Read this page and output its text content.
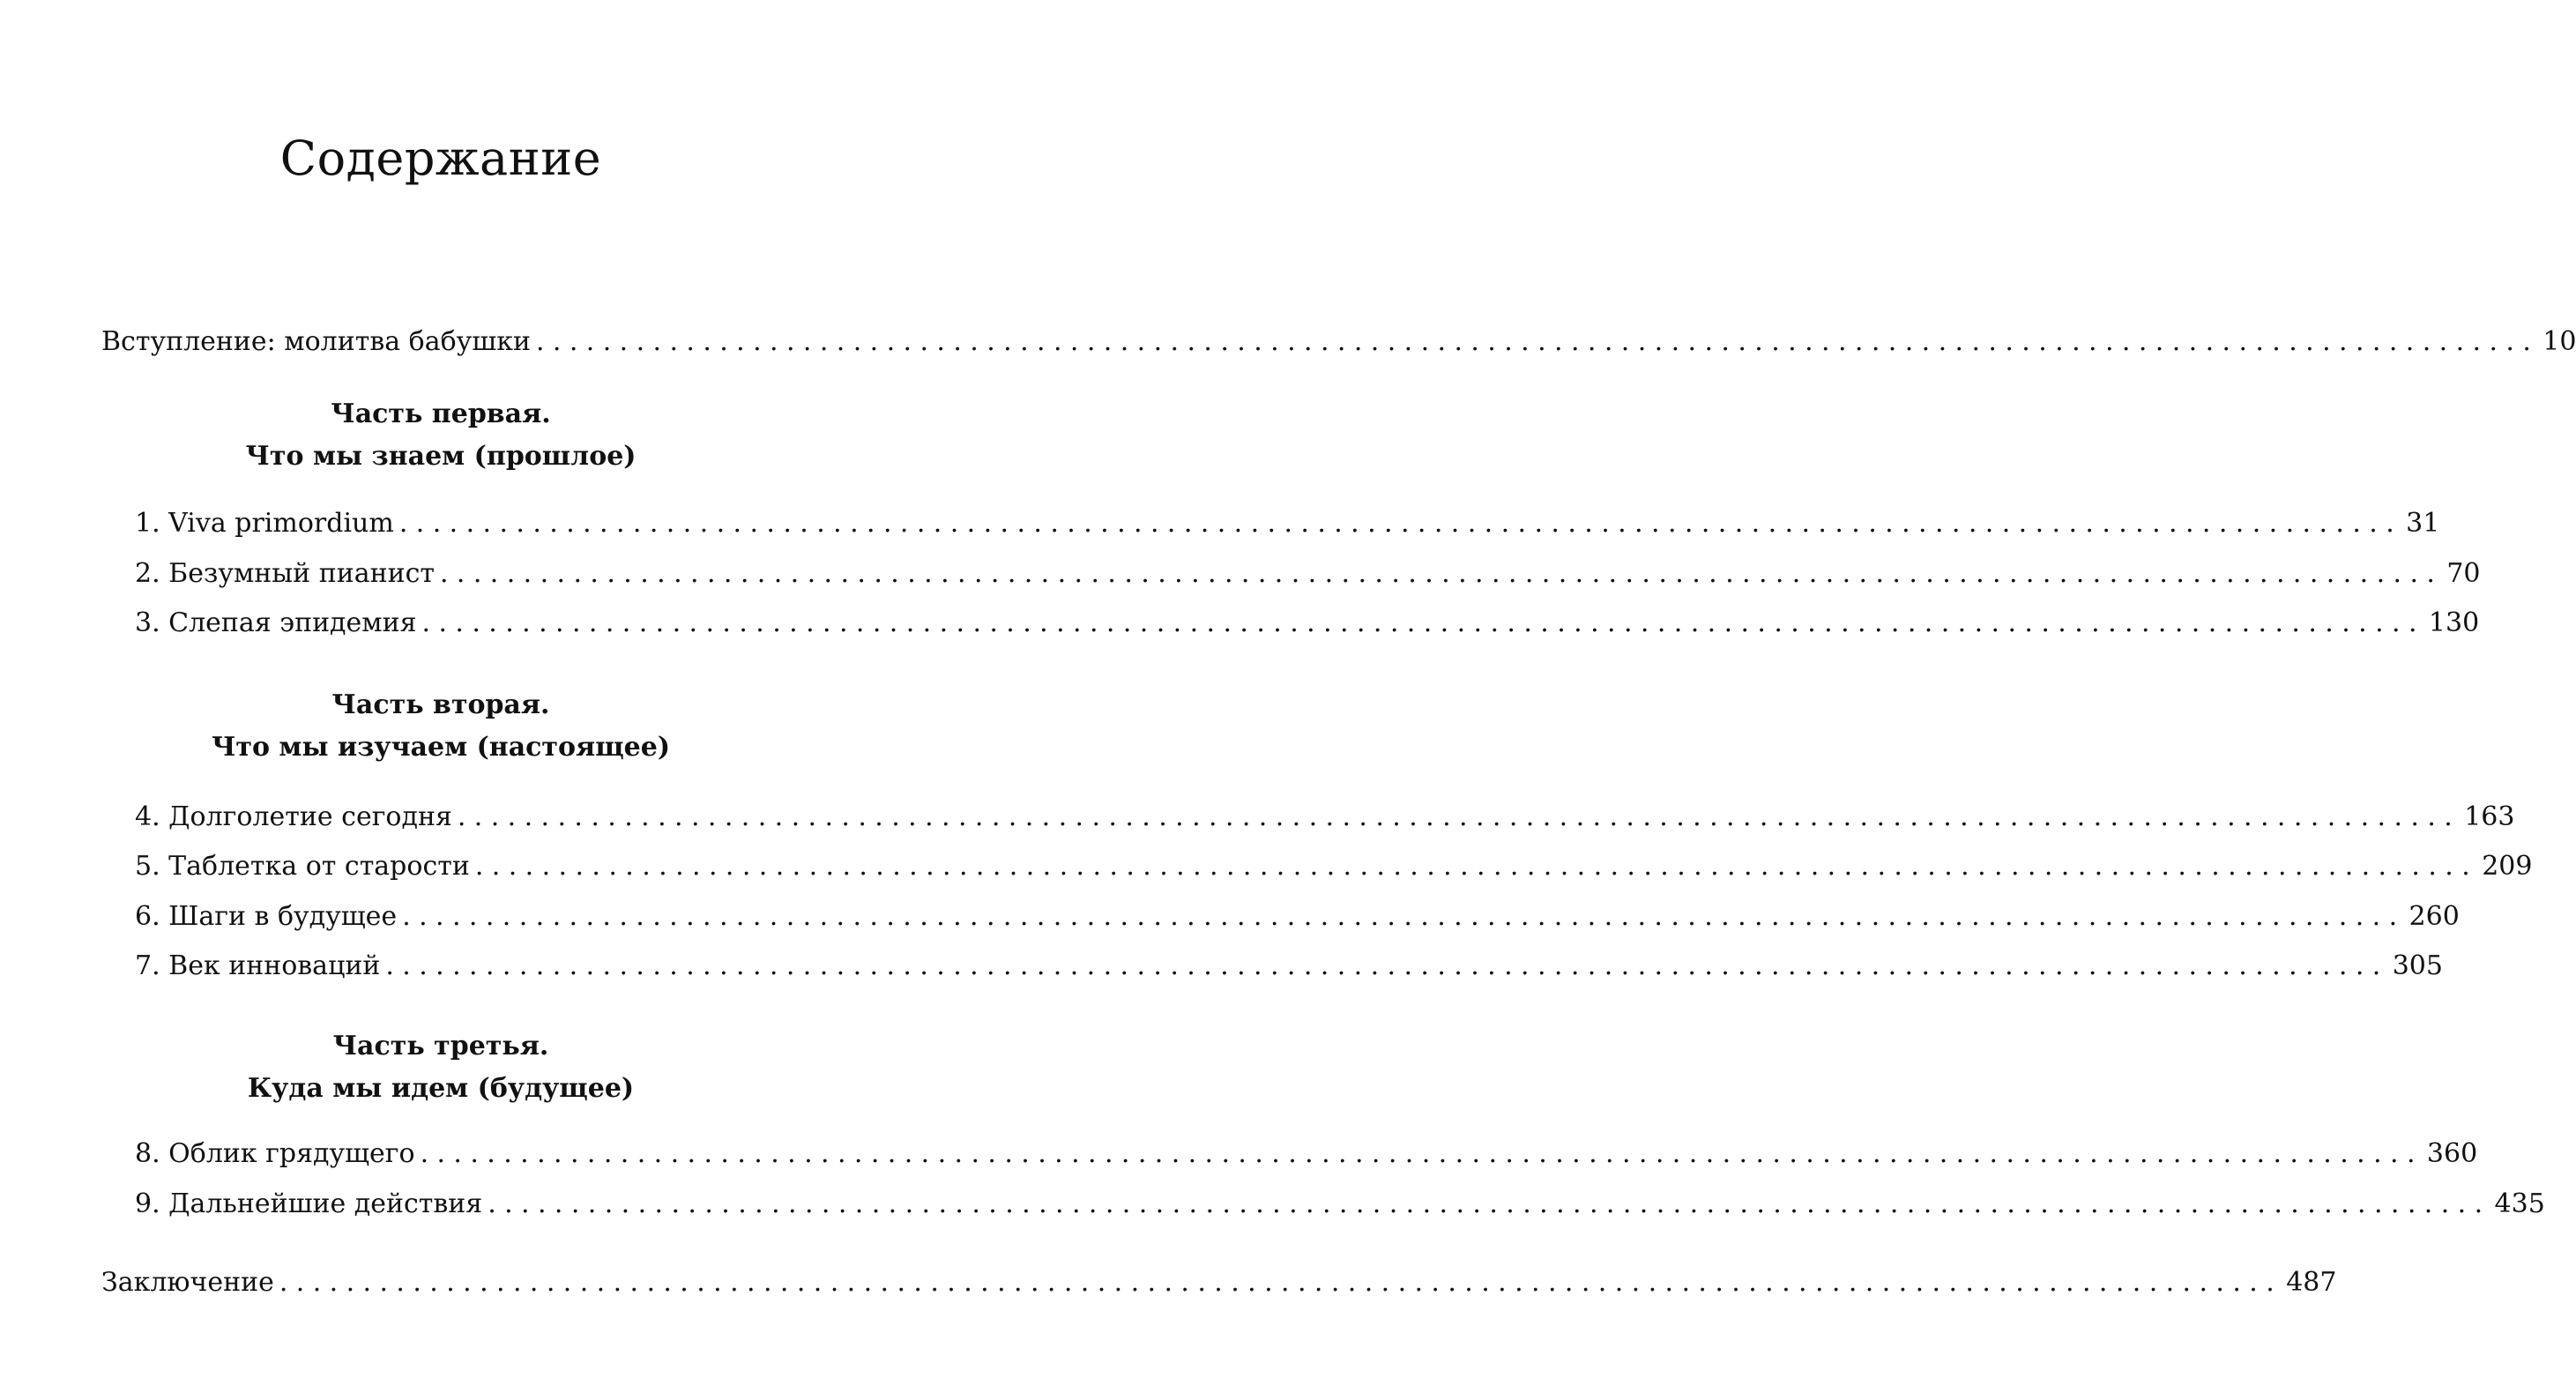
Содержание
Вступление: молитва бабушки ........................................................................................................................ 10
Часть первая.
Что мы знаем (прошлое)
1. Viva primordium ........................................................................................................................ 31
2. Безумный пианист ........................................................................................................................ 70
3. Слепая эпидемия ........................................................................................................................ 130
Часть вторая.
Что мы изучаем (настоящее)
4. Долголетие сегодня ........................................................................................................................ 163
5. Таблетка от старости ........................................................................................................................ 209
6. Шаги в будущее ........................................................................................................................ 260
7. Век инноваций ........................................................................................................................ 305
Часть третья.
Куда мы идем (будущее)
8. Облик грядущего ........................................................................................................................ 360
9. Дальнейшие действия ........................................................................................................................ 435
Заключение ........................................................................................................................ 487
